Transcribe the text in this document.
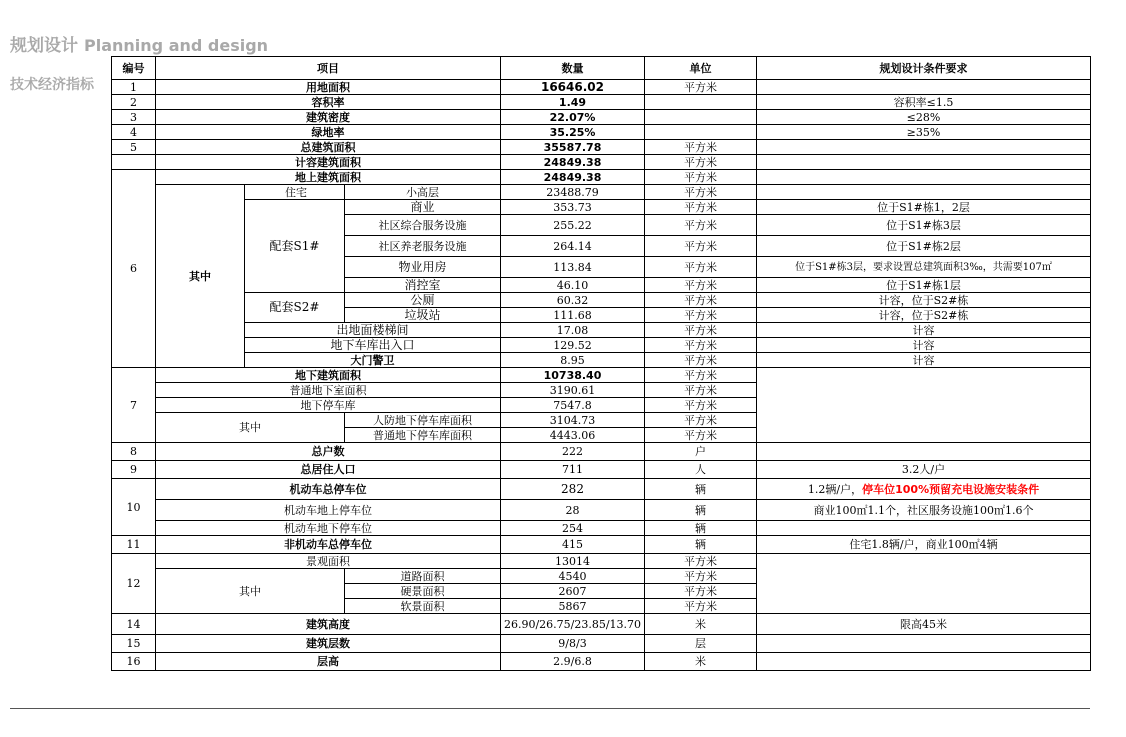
规划设计 Planning and design
技术经济指标
编号	项目			数量	单位	规划设计条件要求
1	用地面积			16646.02	平方米	
2	容积率			1.49		容积率≤1.5
3	建筑密度			22.07%		≤28%
4	绿地率			35.25%		≥35%
5	总建筑面积			35587.78	平方米	
	计容建筑面积			24849.38	平方米	
6	地上建筑面积			24849.38	平方米	
	其中	住宅	小高层	23488.79	平方米	
		配套S1#	商业	353.73	平方米	位于S1#栋1，2层
			社区综合服务设施	255.22	平方米	位于S1#栋3层
			社区养老服务设施	264.14	平方米	位于S1#栋2层
			物业用房	113.84	平方米	位于S1#栋3层，要求设置总建筑面积3‰，共需要107㎡
			消控室	46.10	平方米	位于S1#栋1层
		配套S2#	公厕	60.32	平方米	计容，位于S2#栋
			垃圾站	111.68	平方米	计容，位于S2#栋
		出地面楼梯间		17.08	平方米	计容
		地下车库出入口		129.52	平方米	计容
		大门警卫		8.95	平方米	计容
7	地下建筑面积			10738.40	平方米	
	普通地下室面积			3190.61	平方米	
	地下停车库			7547.8	平方米	
	其中		人防地下停车库面积	3104.73	平方米	
			普通地下停车库面积	4443.06	平方米	
8	总户数			222	户	
9	总居住人口			711	人	3.2人/户
10	机动车总停车位			282	辆	1.2辆/户，停车位100%预留充电设施安装条件
	机动车地上停车位			28	辆	商业100㎡1.1个，社区服务设施100㎡1.6个
	机动车地下停车位			254	辆	
11	非机动车总停车位			415	辆	住宅1.8辆/户，商业100㎡4辆
12	景观面积			13014	平方米	
	其中		道路面积	4540	平方米	
			硬景面积	2607	平方米	
			软景面积	5867	平方米	
14	建筑高度			26.90/26.75/23.85/13.70	米	限高45米
15	建筑层数			9/8/3	层	
16	层高			2.9/6.8	米	
